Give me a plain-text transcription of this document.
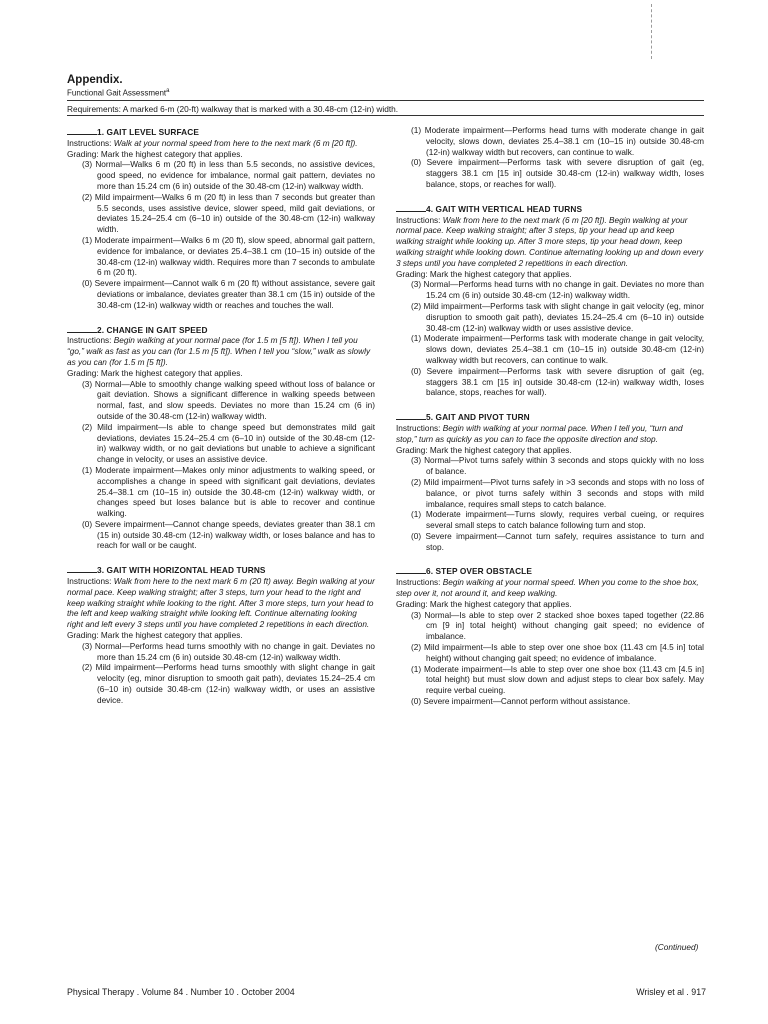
Appendix.
Functional Gait Assessment$^a$
Requirements: A marked 6-m (20-ft) walkway that is marked with a 30.48-cm (12-in) width.
1. GAIT LEVEL SURFACE
Instructions: Walk at your normal speed from here to the next mark (6 m [20 ft]).
Grading: Mark the highest category that applies.
(3) Normal—Walks 6 m (20 ft) in less than 5.5 seconds, no assistive devices, good speed, no evidence for imbalance, normal gait pattern, deviates no more than 15.24 cm (6 in) outside of the 30.48-cm (12-in) walkway width.
(2) Mild impairment—Walks 6 m (20 ft) in less than 7 seconds but greater than 5.5 seconds, uses assistive device, slower speed, mild gait deviations, or deviates 15.24–25.4 cm (6–10 in) outside of the 30.48-cm (12-in) walkway width.
(1) Moderate impairment—Walks 6 m (20 ft), slow speed, abnormal gait pattern, evidence for imbalance, or deviates 25.4–38.1 cm (10–15 in) outside of the 30.48-cm (12-in) walkway width. Requires more than 7 seconds to ambulate 6 m (20 ft).
(0) Severe impairment—Cannot walk 6 m (20 ft) without assistance, severe gait deviations or imbalance, deviates greater than 38.1 cm (15 in) outside of the 30.48-cm (12-in) walkway width or reaches and touches the wall.
2. CHANGE IN GAIT SPEED
Instructions: Begin walking at your normal pace (for 1.5 m [5 ft]). When I tell you “go,” walk as fast as you can (for 1.5 m [5 ft]). When I tell you “slow,” walk as slowly as you can (for 1.5 m [5 ft]).
Grading: Mark the highest category that applies.
(3) Normal—Able to smoothly change walking speed without loss of balance or gait deviation. Shows a significant difference in walking speeds between normal, fast, and slow speeds. Deviates no more than 15.24 cm (6 in) outside of the 30.48-cm (12-in) walkway width.
(2) Mild impairment—Is able to change speed but demonstrates mild gait deviations, deviates 15.24–25.4 cm (6–10 in) outside of the 30.48-cm (12-in) walkway width, or no gait deviations but unable to achieve a significant change in velocity, or uses an assistive device.
(1) Moderate impairment—Makes only minor adjustments to walking speed, or accomplishes a change in speed with significant gait deviations, deviates 25.4–38.1 cm (10–15 in) outside the 30.48-cm (12-in) walkway width, or changes speed but loses balance but is able to recover and continue walking.
(0) Severe impairment—Cannot change speeds, deviates greater than 38.1 cm (15 in) outside 30.48-cm (12-in) walkway width, or loses balance and has to reach for wall or be caught.
3. GAIT WITH HORIZONTAL HEAD TURNS
Instructions: Walk from here to the next mark 6 m (20 ft) away. Begin walking at your normal pace. Keep walking straight; after 3 steps, turn your head to the right and keep walking straight while looking to the right. After 3 more steps, turn your head to the left and keep walking straight while looking left. Continue alternating looking right and left every 3 steps until you have completed 2 repetitions in each direction.
Grading: Mark the highest category that applies.
(3) Normal—Performs head turns smoothly with no change in gait. Deviates no more than 15.24 cm (6 in) outside 30.48-cm (12-in) walkway width.
(2) Mild impairment—Performs head turns smoothly with slight change in gait velocity (eg, minor disruption to smooth gait path), deviates 15.24–25.4 cm (6–10 in) outside 30.48-cm (12-in) walkway width, or uses an assistive device.
(1) Moderate impairment—Performs head turns with moderate change in gait velocity, slows down, deviates 25.4–38.1 cm (10–15 in) outside 30.48-cm (12-in) walkway width but recovers, can continue to walk.
(0) Severe impairment—Performs task with severe disruption of gait (eg, staggers 38.1 cm [15 in] outside 30.48-cm (12-in) walkway width, loses balance, stops, or reaches for wall).
4. GAIT WITH VERTICAL HEAD TURNS
Instructions: Walk from here to the next mark (6 m [20 ft]). Begin walking at your normal pace. Keep walking straight; after 3 steps, tip your head up and keep walking straight while looking up. After 3 more steps, tip your head down, keep walking straight while looking down. Continue alternating looking up and down every 3 steps until you have completed 2 repetitions in each direction.
Grading: Mark the highest category that applies.
(3) Normal—Performs head turns with no change in gait. Deviates no more than 15.24 cm (6 in) outside 30.48-cm (12-in) walkway width.
(2) Mild impairment—Performs task with slight change in gait velocity (eg, minor disruption to smooth gait path), deviates 15.24–25.4 cm (6–10 in) outside 30.48-cm (12-in) walkway width or uses assistive device.
(1) Moderate impairment—Performs task with moderate change in gait velocity, slows down, deviates 25.4–38.1 cm (10–15 in) outside 30.48-cm (12-in) walkway width but recovers, can continue to walk.
(0) Severe impairment—Performs task with severe disruption of gait (eg, staggers 38.1 cm [15 in] outside 30.48-cm (12-in) walkway width, loses balance, stops, reaches for wall).
5. GAIT AND PIVOT TURN
Instructions: Begin with walking at your normal pace. When I tell you, “turn and stop,” turn as quickly as you can to face the opposite direction and stop.
Grading: Mark the highest category that applies.
(3) Normal—Pivot turns safely within 3 seconds and stops quickly with no loss of balance.
(2) Mild impairment—Pivot turns safely in >3 seconds and stops with no loss of balance, or pivot turns safely within 3 seconds and stops with mild imbalance, requires small steps to catch balance.
(1) Moderate impairment—Turns slowly, requires verbal cueing, or requires several small steps to catch balance following turn and stop.
(0) Severe impairment—Cannot turn safely, requires assistance to turn and stop.
6. STEP OVER OBSTACLE
Instructions: Begin walking at your normal speed. When you come to the shoe box, step over it, not around it, and keep walking.
Grading: Mark the highest category that applies.
(3) Normal—Is able to step over 2 stacked shoe boxes taped together (22.86 cm [9 in] total height) without changing gait speed; no evidence of imbalance.
(2) Mild impairment—Is able to step over one shoe box (11.43 cm [4.5 in] total height) without changing gait speed; no evidence of imbalance.
(1) Moderate impairment—Is able to step over one shoe box (11.43 cm [4.5 in] total height) but must slow down and adjust steps to clear box safely. May require verbal cueing.
(0) Severe impairment—Cannot perform without assistance.
(Continued)
Physical Therapy . Volume 84 . Number 10 . October 2004	Wrisley et al . 917
